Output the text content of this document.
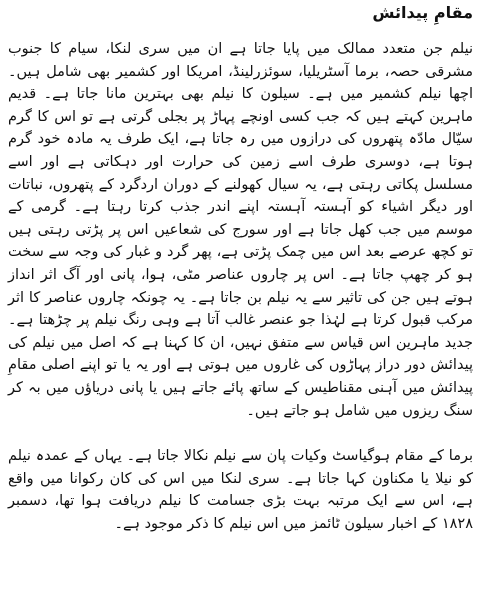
مقامِ پیدائش

نیلم جن متعدد ممالک میں پایا جاتا ہے ان میں سری لنکا، سیام کا جنوب مشرقی حصہ، برما آسٹریلیا، سوئزرلینڈ، امریکا اور کشمیر بھی شامل ہیں۔ اچھا نیلم کشمیر میں ہے۔ سیلون کا نیلم بھی بہترین مانا جاتا ہے۔ قدیم ماہرین کہتے ہیں کہ جب کسی اونچے پہاڑ پر بجلی گرتی ہے تو اس کا گرم سیّال مادّہ پتھروں کی درازوں میں رہ جاتا ہے، ایک طرف یہ مادہ خود گرم ہوتا ہے، دوسری طرف اسے زمین کی حرارت اور دہکاتی ہے اور اسے مسلسل پکاتی رہتی ہے، یہ سیال کھولنے کے دوران اردگرد کے پتھروں، نباتات اور دیگر اشیاء کو آہستہ آہستہ اپنے اندر جذب کرتا رہتا ہے۔ گرمی کے موسم میں جب کھل جاتا ہے اور سورج کی شعاعیں اس پر پڑتی رہتی ہیں تو کچھ عرصے بعد اس میں چمک پڑتی ہے، پھر گرد و غبار کی وجہ سے سخت ہو کر چھپ جاتا ہے۔ اس پر چاروں عناصر مٹی، ہوا، پانی اور آگ اثر انداز ہوتے ہیں جن کی تاثیر سے یہ نیلم بن جاتا ہے۔ یہ چونکہ چاروں عناصر کا اثر مرکب قبول کرتا ہے لہٰذا جو عنصر غالب آتا ہے وہی رنگ نیلم پر چڑھتا ہے۔ جدید ماہرین اس قیاس سے متفق نہیں، ان کا کہنا ہے کہ اصل میں نیلم کی پیدائش دور دراز پہاڑوں کی غاروں میں ہوتی ہے اور یہ یا تو اپنے اصلی مقامِ پیدائش میں آہنی مقناطیس کے ساتھ پائے جاتے ہیں یا پانی دریاؤں میں بہ کر سنگ ریزوں میں شامل ہو جاتے ہیں۔

برما کے مقام ہوگیاسٹ وکیات پان سے نیلم نکالا جاتا ہے۔ یہاں کے عمدہ نیلم کو نیلا یا مکناون کہا جاتا ہے۔ سری لنکا میں اس کی کان رکوانا میں واقع ہے، اس سے ایک مرتبہ بہت بڑی جسامت کا نیلم دریافت ہوا تھا، دسمبر ۱۸۲۸ کے اخبار سیلون ٹائمز میں اس نیلم کا ذکر موجود ہے۔
